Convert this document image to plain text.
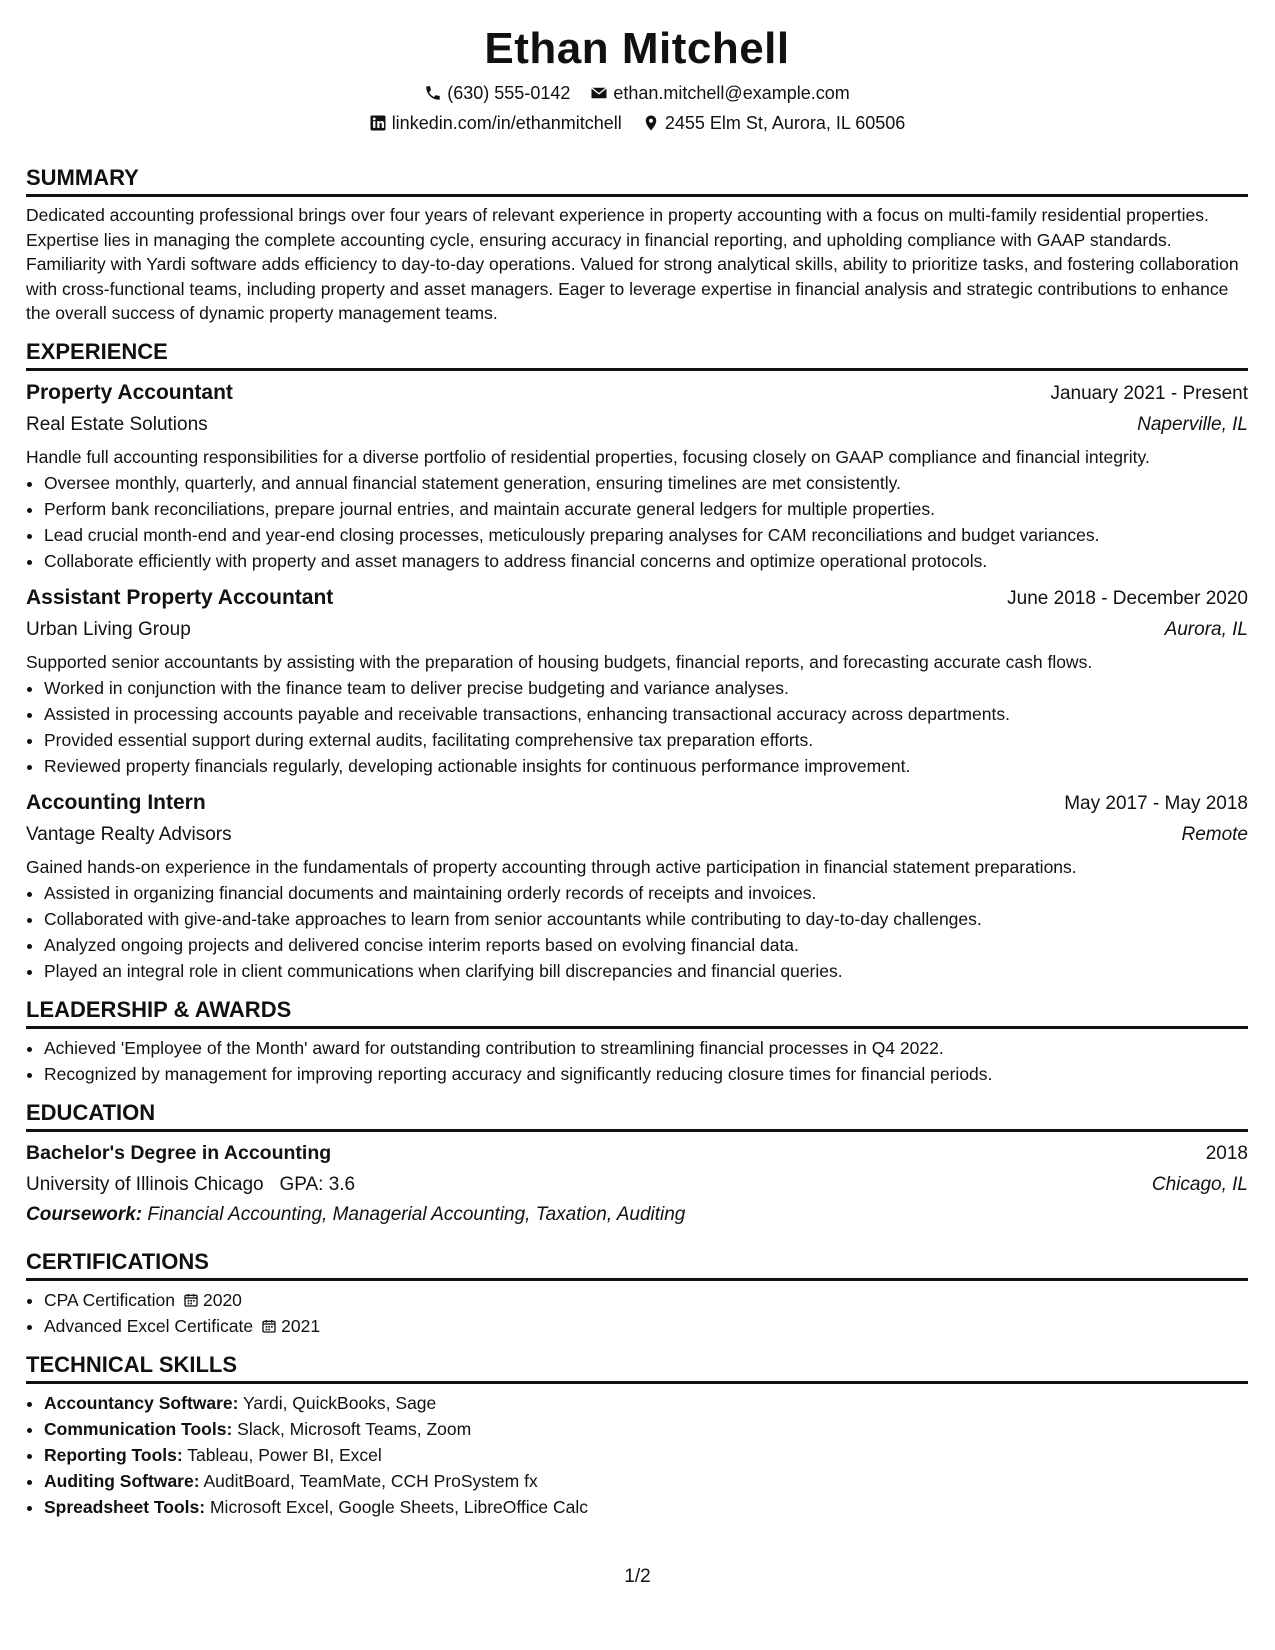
Ethan Mitchell
(630) 555-0142 ethan.mitchell@example.com
linkedin.com/in/ethanmitchell 2455 Elm St, Aurora, IL 60506
SUMMARY

Dedicated accounting professional brings over four years of relevant experience in property accounting with a focus on multi-family residential properties. Expertise lies in managing the complete accounting cycle, ensuring accuracy in financial reporting, and upholding compliance with GAAP standards. Familiarity with Yardi software adds efficiency to day-to-day operations. Valued for strong analytical skills, ability to prioritize tasks, and fostering collaboration with cross-functional teams, including property and asset managers. Eager to leverage expertise in financial analysis and strategic contributions to enhance the overall success of dynamic property management teams.

EXPERIENCE
Property Accountant	January 2021 - Present
Real Estate Solutions	Naperville, IL
Handle full accounting responsibilities for a diverse portfolio of residential properties, focusing closely on GAAP compliance and financial integrity.
• Oversee monthly, quarterly, and annual financial statement generation, ensuring timelines are met consistently.
• Perform bank reconciliations, prepare journal entries, and maintain accurate general ledgers for multiple properties.
• Lead crucial month-end and year-end closing processes, meticulously preparing analyses for CAM reconciliations and budget variances.
• Collaborate efficiently with property and asset managers to address financial concerns and optimize operational protocols.
Assistant Property Accountant	June 2018 - December 2020
Urban Living Group	Aurora, IL
Supported senior accountants by assisting with the preparation of housing budgets, financial reports, and forecasting accurate cash flows.
• Worked in conjunction with the finance team to deliver precise budgeting and variance analyses.
• Assisted in processing accounts payable and receivable transactions, enhancing transactional accuracy across departments.
• Provided essential support during external audits, facilitating comprehensive tax preparation efforts.
• Reviewed property financials regularly, developing actionable insights for continuous performance improvement.
Accounting Intern	May 2017 - May 2018
Vantage Realty Advisors	Remote
Gained hands-on experience in the fundamentals of property accounting through active participation in financial statement preparations.
• Assisted in organizing financial documents and maintaining orderly records of receipts and invoices.
• Collaborated with give-and-take approaches to learn from senior accountants while contributing to day-to-day challenges.
• Analyzed ongoing projects and delivered concise interim reports based on evolving financial data.
• Played an integral role in client communications when clarifying bill discrepancies and financial queries.
LEADERSHIP & AWARDS
• Achieved 'Employee of the Month' award for outstanding contribution to streamlining financial processes in Q4 2022.
• Recognized by management for improving reporting accuracy and significantly reducing closure times for financial periods.
EDUCATION
Bachelor's Degree in Accounting	2018
University of Illinois Chicago GPA: 3.6	Chicago, IL
Coursework: Financial Accounting, Managerial Accounting, Taxation, Auditing
CERTIFICATIONS
• CPA Certification 2020
• Advanced Excel Certificate 2021
TECHNICAL SKILLS
• Accountancy Software: Yardi, QuickBooks, Sage
• Communication Tools: Slack, Microsoft Teams, Zoom
• Reporting Tools: Tableau, Power BI, Excel
• Auditing Software: AuditBoard, TeamMate, CCH ProSystem fx
• Spreadsheet Tools: Microsoft Excel, Google Sheets, LibreOffice Calc
1/2
